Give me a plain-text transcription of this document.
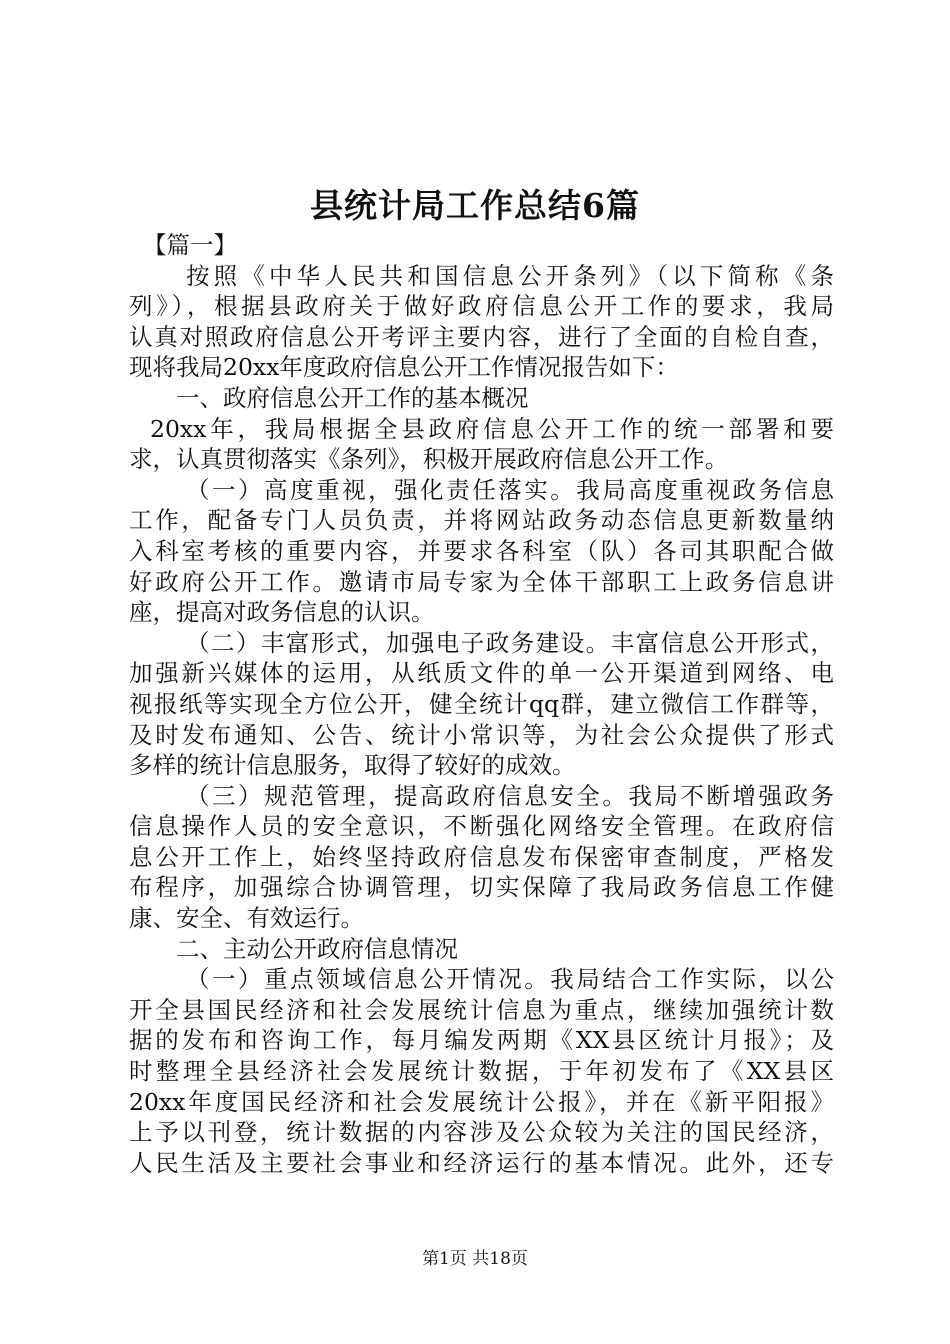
县统计局工作总结6篇
【篇一】
按照《中华人民共和国信息公开条列》（以下简称《条
列》），根据县政府关于做好政府信息公开工作的要求，我局
认真对照政府信息公开考评主要内容，进行了全面的自检自查，
现将我局20xx年度政府信息公开工作情况报告如下：
一、政府信息公开工作的基本概况
20xx年，我局根据全县政府信息公开工作的统一部署和要
求，认真贯彻落实《条列》，积极开展政府信息公开工作。
（一）高度重视，强化责任落实。我局高度重视政务信息
工作，配备专门人员负责，并将网站政务动态信息更新数量纳
入科室考核的重要内容，并要求各科室（队）各司其职配合做
好政府公开工作。邀请市局专家为全体干部职工上政务信息讲
座，提高对政务信息的认识。
（二）丰富形式，加强电子政务建设。丰富信息公开形式，
加强新兴媒体的运用，从纸质文件的单一公开渠道到网络、电
视报纸等实现全方位公开，健全统计qq群，建立微信工作群等，
及时发布通知、公告、统计小常识等，为社会公众提供了形式
多样的统计信息服务，取得了较好的成效。
（三）规范管理，提高政府信息安全。我局不断增强政务
信息操作人员的安全意识，不断强化网络安全管理。在政府信
息公开工作上，始终坚持政府信息发布保密审查制度，严格发
布程序，加强综合协调管理，切实保障了我局政务信息工作健
康、安全、有效运行。
二、主动公开政府信息情况
（一）重点领域信息公开情况。我局结合工作实际，以公
开全县国民经济和社会发展统计信息为重点，继续加强统计数
据的发布和咨询工作，每月编发两期《XX县区统计月报》；及
时整理全县经济社会发展统计数据，于年初发布了《XX县区
20xx年度国民经济和社会发展统计公报》，并在《新平阳报》
上予以刊登，统计数据的内容涉及公众较为关注的国民经济，
人民生活及主要社会事业和经济运行的基本情况。此外，还专
第1页 共18页
